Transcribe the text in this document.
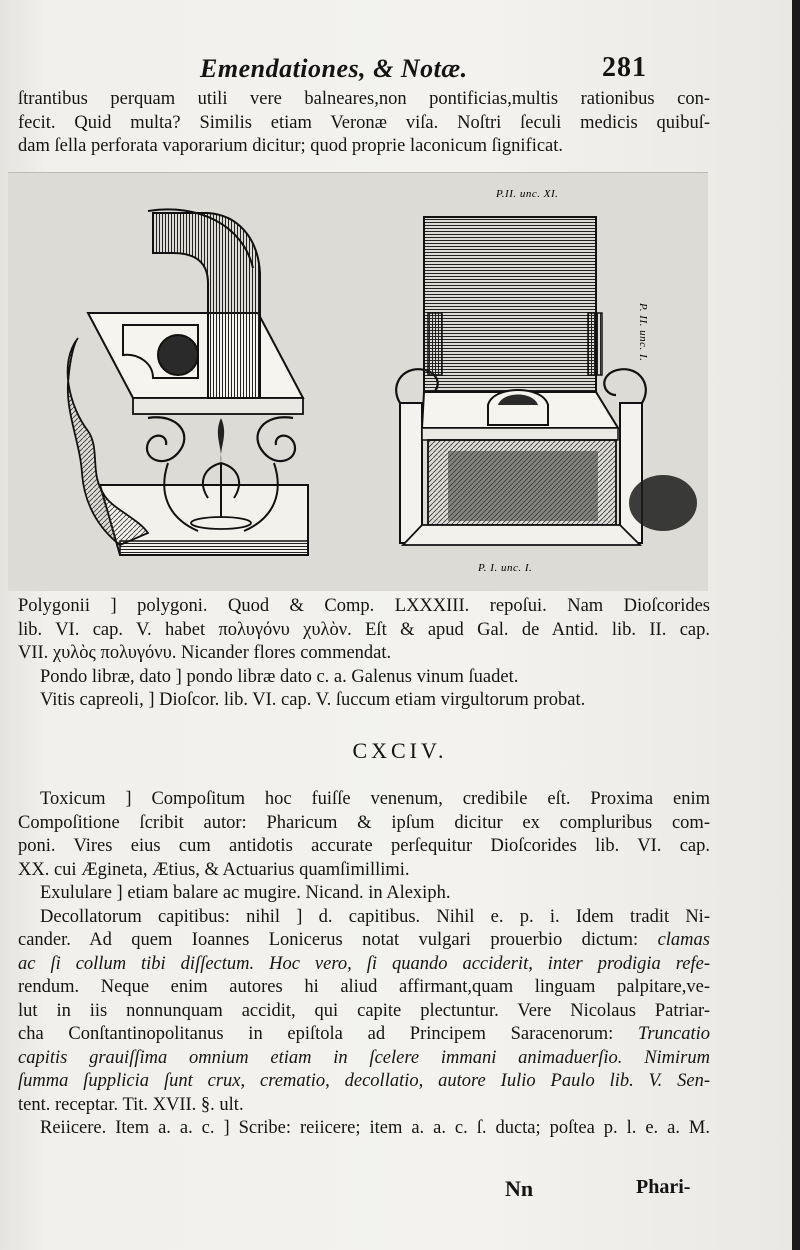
Emendationes, & Notæ.	281
ſtrantibus perquam utili vere balneares,non pontificias,multis rationibus con-
fecit. Quid multa? Similis etiam Veronæ viſa. Noſtri ſeculi medicis quibuſ-
dam ſella perforata vaporarium dicitur; quod proprie laconicum ſignificat.
P.II. unc. XI.
P. II. unc. I.
P. I. unc. I.
Polygonii ] polygoni. Quod & Comp. LXXXIII. repoſui. Nam Dioſcorides
lib. VI. cap. V. habet πολυγόνυ χυλὸν. Eſt & apud Gal. de Antid. lib. II. cap.
VII. χυλὸς πολυγόνυ. Nicander flores commendat.
Pondo libræ, dato ] pondo libræ dato c. a. Galenus vinum ſuadet.
Vitis capreoli, ] Dioſcor. lib. VI. cap. V. ſuccum etiam virgultorum probat.
CXCIV.
Toxicum ] Compoſitum hoc fuiſſe venenum, credibile eſt. Proxima enim
Compoſitione ſcribit autor: Pharicum & ipſum dicitur ex compluribus com-
poni. Vires eius cum antidotis accurate perſequitur Dioſcorides lib. VI. cap.
XX. cui Ægineta, Ætius, & Actuarius quamſimillimi.
Exululare ] etiam balare ac mugire. Nicand. in Alexiph.
Decollatorum capitibus: nihil ] d. capitibus. Nihil e. p. i. Idem tradit Ni-
cander. Ad quem Ioannes Lonicerus notat vulgari prouerbio dictum: clamas
ac ſi collum tibi diſſectum. Hoc vero, ſi quando acciderit, inter prodigia refe-
rendum. Neque enim autores hi aliud affirmant,quam linguam palpitare,ve-
lut in iis nonnunquam accidit, qui capite plectuntur. Vere Nicolaus Patriar-
cha Conſtantinopolitanus in epiſtola ad Principem Saracenorum: Truncatio
capitis grauiſſima omnium etiam in ſcelere immani animaduerſio. Nimirum
ſumma ſupplicia ſunt crux, crematio, decollatio, autore Iulio Paulo lib. V. Sen-
tent. receptar. Tit. XVII. §. ult.
Reiicere. Item a. a. c. ] Scribe: reiicere; item a. a. c. ſ. ducta; poſtea p. l. e. a. M.
Nn	Phari-
